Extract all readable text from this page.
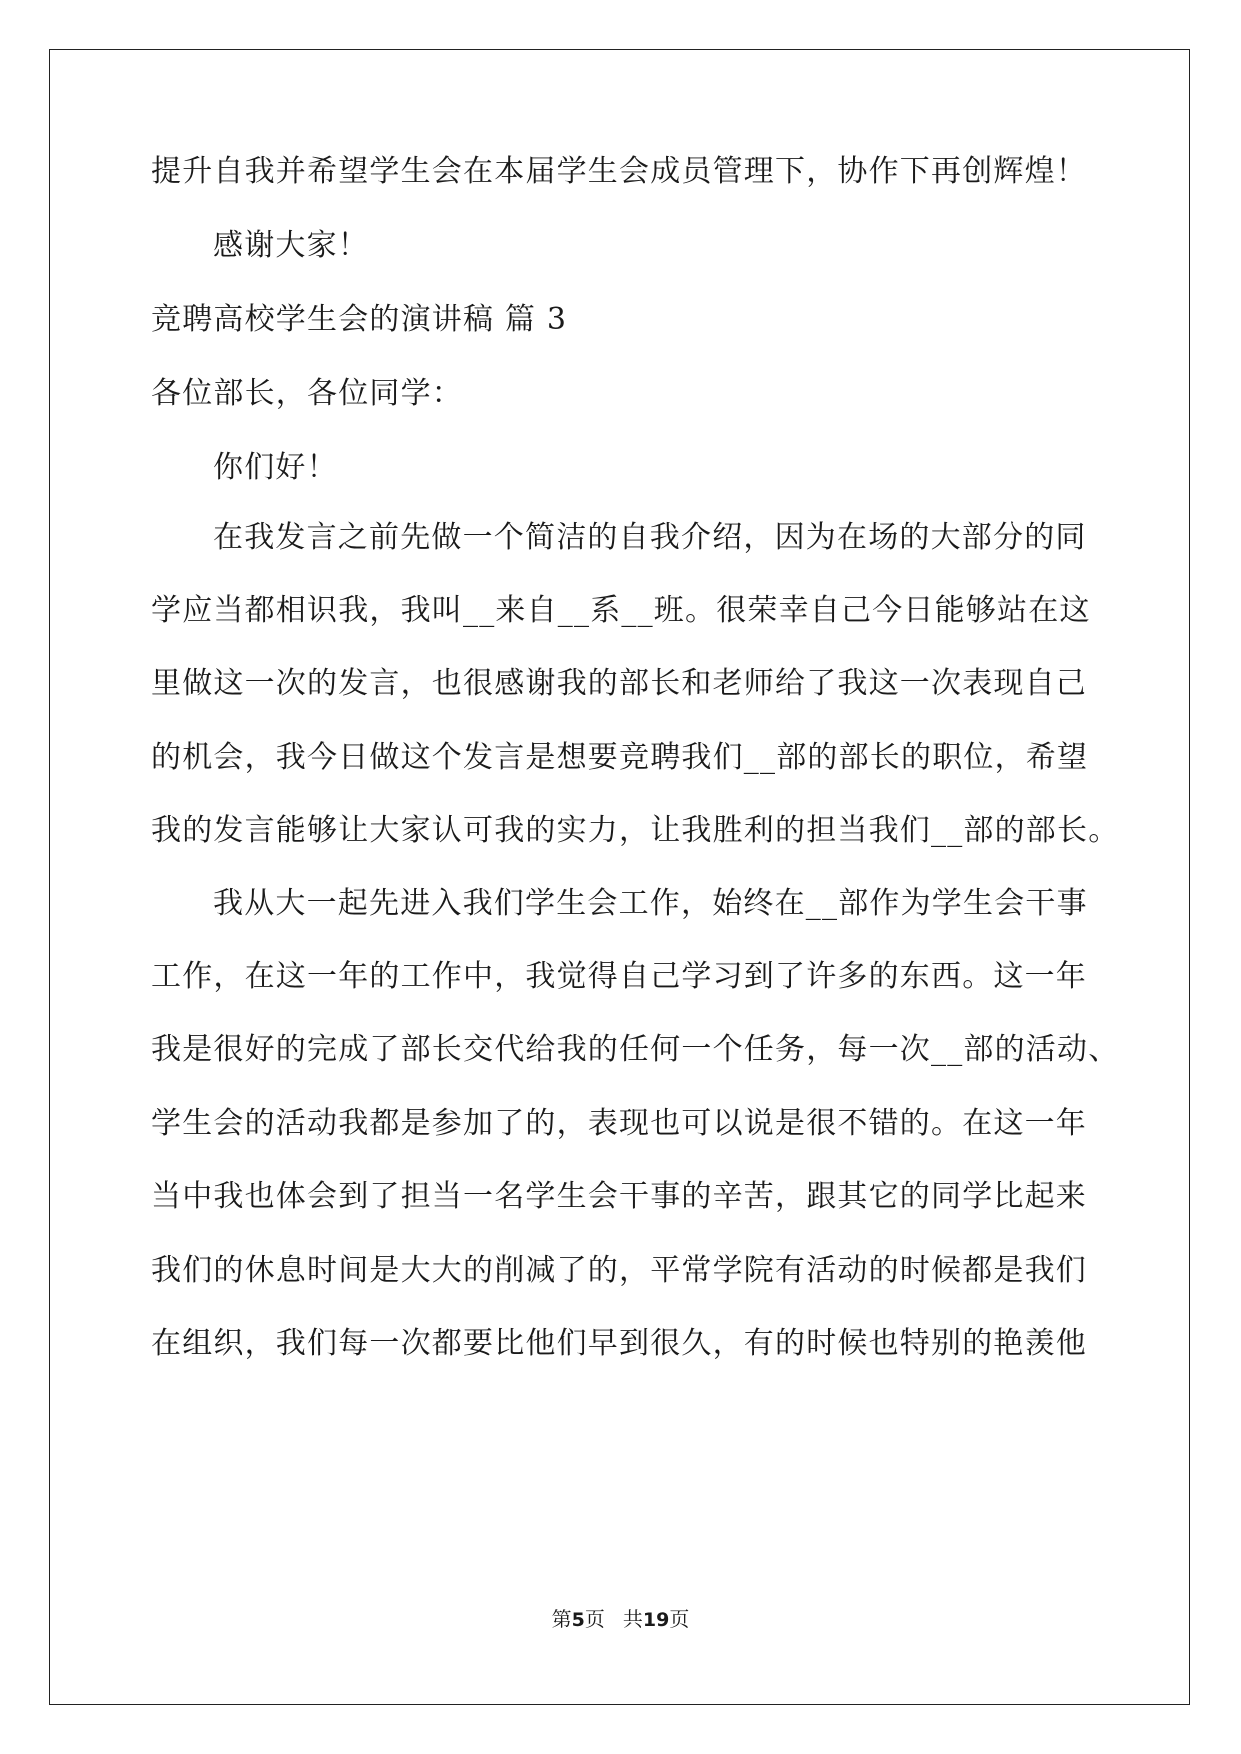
提升自我并希望学生会在本届学生会成员管理下，协作下再创辉煌！
感谢大家！
竞聘高校学生会的演讲稿 篇 3
各位部长，各位同学：
你们好！
在我发言之前先做一个简洁的自我介绍，因为在场的大部分的同
学应当都相识我，我叫__来自__系__班。很荣幸自己今日能够站在这
里做这一次的发言，也很感谢我的部长和老师给了我这一次表现自己
的机会，我今日做这个发言是想要竞聘我们__部的部长的职位，希望
我的发言能够让大家认可我的实力，让我胜利的担当我们__部的部长。
我从大一起先进入我们学生会工作，始终在__部作为学生会干事
工作，在这一年的工作中，我觉得自己学习到了许多的东西。这一年
我是很好的完成了部长交代给我的任何一个任务，每一次__部的活动、
学生会的活动我都是参加了的，表现也可以说是很不错的。在这一年
当中我也体会到了担当一名学生会干事的辛苦，跟其它的同学比起来
我们的休息时间是大大的削减了的，平常学院有活动的时候都是我们
在组织，我们每一次都要比他们早到很久，有的时候也特别的艳羡他
第5页 共19页
